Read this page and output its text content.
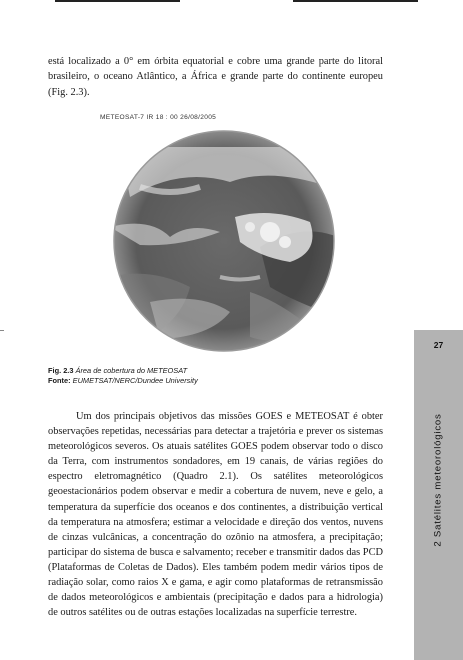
está localizado a 0° em órbita equatorial e cobre uma grande parte do litoral brasileiro, o oceano Atlântico, a África e grande parte do continente europeu (Fig. 2.3).

METEOSAT-7 IR 18 : 00 26/08/2005
Fig. 2.3 Área de cobertura do METEOSAT
Fonte: EUMETSAT/NERC/Dundee University

Um dos principais objetivos das missões GOES e METEOSAT é obter observações repetidas, necessárias para detectar a trajetória e prever os sistemas meteorológicos severos. Os atuais satélites GOES podem observar todo o disco da Terra, com instrumentos sondadores, em 19 canais, de várias regiões do espectro eletromagnético (Quadro 2.1). Os satélites meteorológicos geoestacionários podem observar e medir a cobertura de nuvem, neve e gelo, a temperatura da superfície dos oceanos e dos continentes, a distribuição vertical da temperatura na atmosfera; estimar a velocidade e direção dos ventos, nuvens de cinzas vulcânicas, a concentração do ozônio na atmosfera, a precipitação; participar do sistema de busca e salvamento; receber e transmitir dados das PCD (Plataformas de Coletas de Dados). Eles também podem medir vários tipos de radiação solar, como raios X e gama, e agir como plataformas de retransmissão de dados meteorológicos e ambientais (precipitação e dados para a hidrologia) de outros satélites ou de outras estações localizadas na superfície terrestre.

27
2 Satélites meteorológicos
